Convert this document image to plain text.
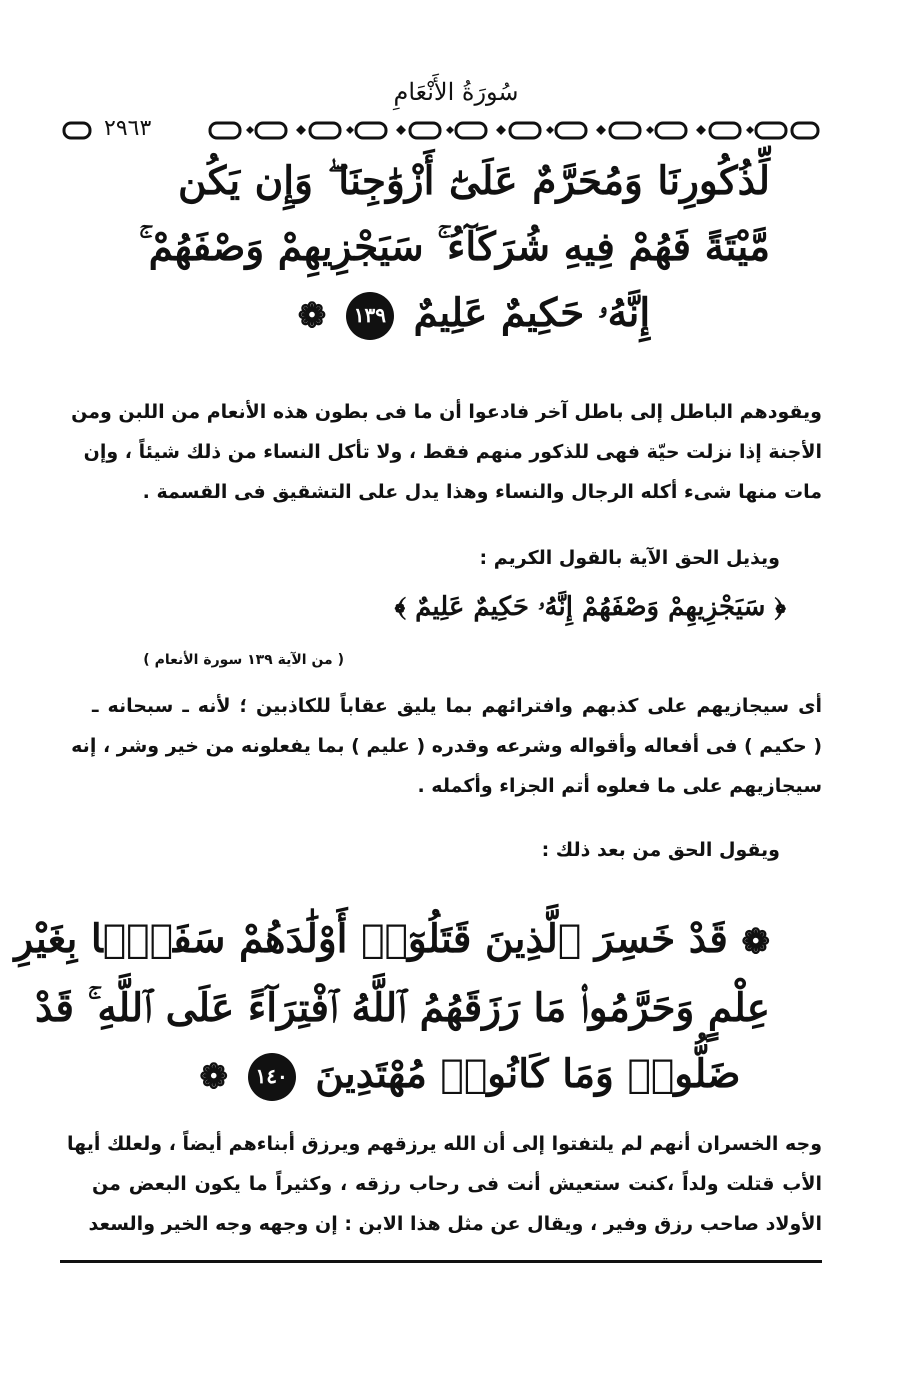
سُورَةُ الأَنْعَامِ
٢٩٦٣
لِّذُكُورِنَا وَمُحَرَّمٌ عَلَىٰٓ أَزْوَٰجِنَا ۖ وَإِن يَكُن
مَّيْتَةً فَهُمْ فِيهِ شُرَكَآءُ ۚ سَيَجْزِيهِمْ وَصْفَهُمْ ۚ
إِنَّهُۥ حَكِيمٌ عَلِيمٌ ١٣٩ ❁
ويقودهم الباطل إلى باطل آخر فادعوا أن ما فى بطون هذه الأنعام من اللبن ومن
الأجنة إذا نزلت حيّة فهى للذكور منهم فقط ، ولا تأكل النساء من ذلك شيئاً ، وإن
مات منها شىء أكله الرجال والنساء وهذا يدل على التشقيق فى القسمة .
ويذيل الحق الآية بالقول الكريم :
﴿ سَيَجْزِيهِمْ وَصْفَهُمْ إِنَّهُۥ حَكِيمٌ عَلِيمٌ ﴾
( من الآية ١٣٩ سورة الأنعام )
أى سيجازيهم على كذبهم وافترائهم بما يليق عقاباً للكاذبين ؛ لأنه ـ سبحانه ـ
( حكيم ) فى أفعاله وأقواله وشرعه وقدره ( عليم ) بما يفعلونه من خير وشر ، إنه
سيجازيهم على ما فعلوه أتم الجزاء وأكمله .
ويقول الحق من بعد ذلك :
❁ قَدْ خَسِرَ ٱلَّذِينَ قَتَلُوٓا۟ أَوْلَٰدَهُمْ سَفَهًۢا بِغَيْرِ
عِلْمٍ وَحَرَّمُوا۟ مَا رَزَقَهُمُ ٱللَّهُ ٱفْتِرَآءً عَلَى ٱللَّهِ ۚ قَدْ
ضَلُّوا۟ وَمَا كَانُوا۟ مُهْتَدِينَ ١٤٠ ❁
وجه الخسران أنهم لم يلتفتوا إلى أن الله يرزقهم ويرزق أبناءهم أيضاً ، ولعلك أيها
الأب قتلت ولداً ،كنت ستعيش أنت فى رحاب رزقه ، وكثيراً ما يكون البعض من
الأولاد صاحب رزق وفير ، ويقال عن مثل هذا الابن : إن وجهه وجه الخير والسعد
